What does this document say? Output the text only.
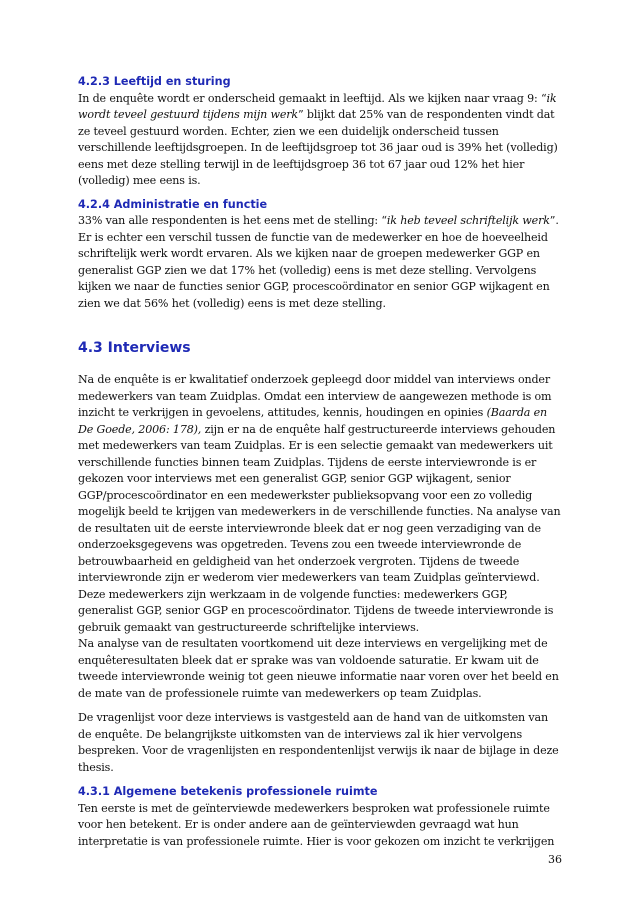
4.2.3 Leeftijd en sturing

In de enquête wordt er onderscheid gemaakt in leeftijd. Als we kijken naar vraag 9: “ik wordt teveel gestuurd tijdens mijn werk” blijkt dat 25% van de respondenten vindt dat ze teveel gestuurd worden. Echter, zien we een duidelijk onderscheid tussen verschillende leeftijdsgroepen. In de leeftijdsgroep tot 36 jaar oud is 39% het (volledig) eens met deze stelling terwijl in de leeftijdsgroep 36 tot 67 jaar oud 12% het hier (volledig) mee eens is.

4.2.4 Administratie en functie

33% van alle respondenten is het eens met de stelling: “ik heb teveel schriftelijk werk”. Er is echter een verschil tussen de functie van de medewerker en hoe de hoeveelheid schriftelijk werk wordt ervaren. Als we kijken naar de groepen medewerker GGP en generalist GGP zien we dat 17% het (volledig) eens is met deze stelling. Vervolgens kijken we naar de functies senior GGP, procescoördinator en senior GGP wijkagent en zien we dat 56% het (volledig) eens is met deze stelling.

4.3 Interviews

Na de enquête is er kwalitatief onderzoek gepleegd door middel van interviews onder medewerkers van team Zuidplas. Omdat een interview de aangewezen methode is om inzicht te verkrijgen in gevoelens, attitudes, kennis, houdingen en opinies (Baarda en De Goede, 2006: 178), zijn er na de enquête half gestructureerde interviews gehouden met medewerkers van team Zuidplas. Er is een selectie gemaakt van medewerkers uit verschillende functies binnen team Zuidplas. Tijdens de eerste interviewronde is er gekozen voor interviews met een generalist GGP, senior GGP wijkagent, senior GGP/procescoördinator en een medewerkster publieksopvang voor een zo volledig mogelijk beeld te krijgen van medewerkers in de verschillende functies. Na analyse van de resultaten uit de eerste interviewronde bleek dat er nog geen verzadiging van de onderzoeksgegevens was opgetreden. Tevens zou een tweede interviewronde de betrouwbaarheid en geldigheid van het onderzoek vergroten. Tijdens de tweede interviewronde zijn er wederom vier medewerkers van team Zuidplas geïnterviewd. Deze medewerkers zijn werkzaam in de volgende functies: medewerkers GGP, generalist GGP, senior GGP en procescoördinator. Tijdens de tweede interviewronde is gebruik gemaakt van gestructureerde schriftelijke interviews.

Na analyse van de resultaten voortkomend uit deze interviews en vergelijking met de enquêteresultaten bleek dat er sprake was van voldoende saturatie. Er kwam uit de tweede interviewronde weinig tot geen nieuwe informatie naar voren over het beeld en de mate van de professionele ruimte van medewerkers op team Zuidplas.

De vragenlijst voor deze interviews is vastgesteld aan de hand van de uitkomsten van de enquête. De belangrijkste uitkomsten van de interviews zal ik hier vervolgens bespreken. Voor de vragenlijsten en respondentenlijst verwijs ik naar de bijlage in deze thesis.

4.3.1 Algemene betekenis professionele ruimte

Ten eerste is met de geïnterviewde medewerkers besproken wat professionele ruimte voor hen betekent. Er is onder andere aan de geïnterviewden gevraagd wat hun interpretatie is van professionele ruimte. Hier is voor gekozen om inzicht te verkrijgen

36
